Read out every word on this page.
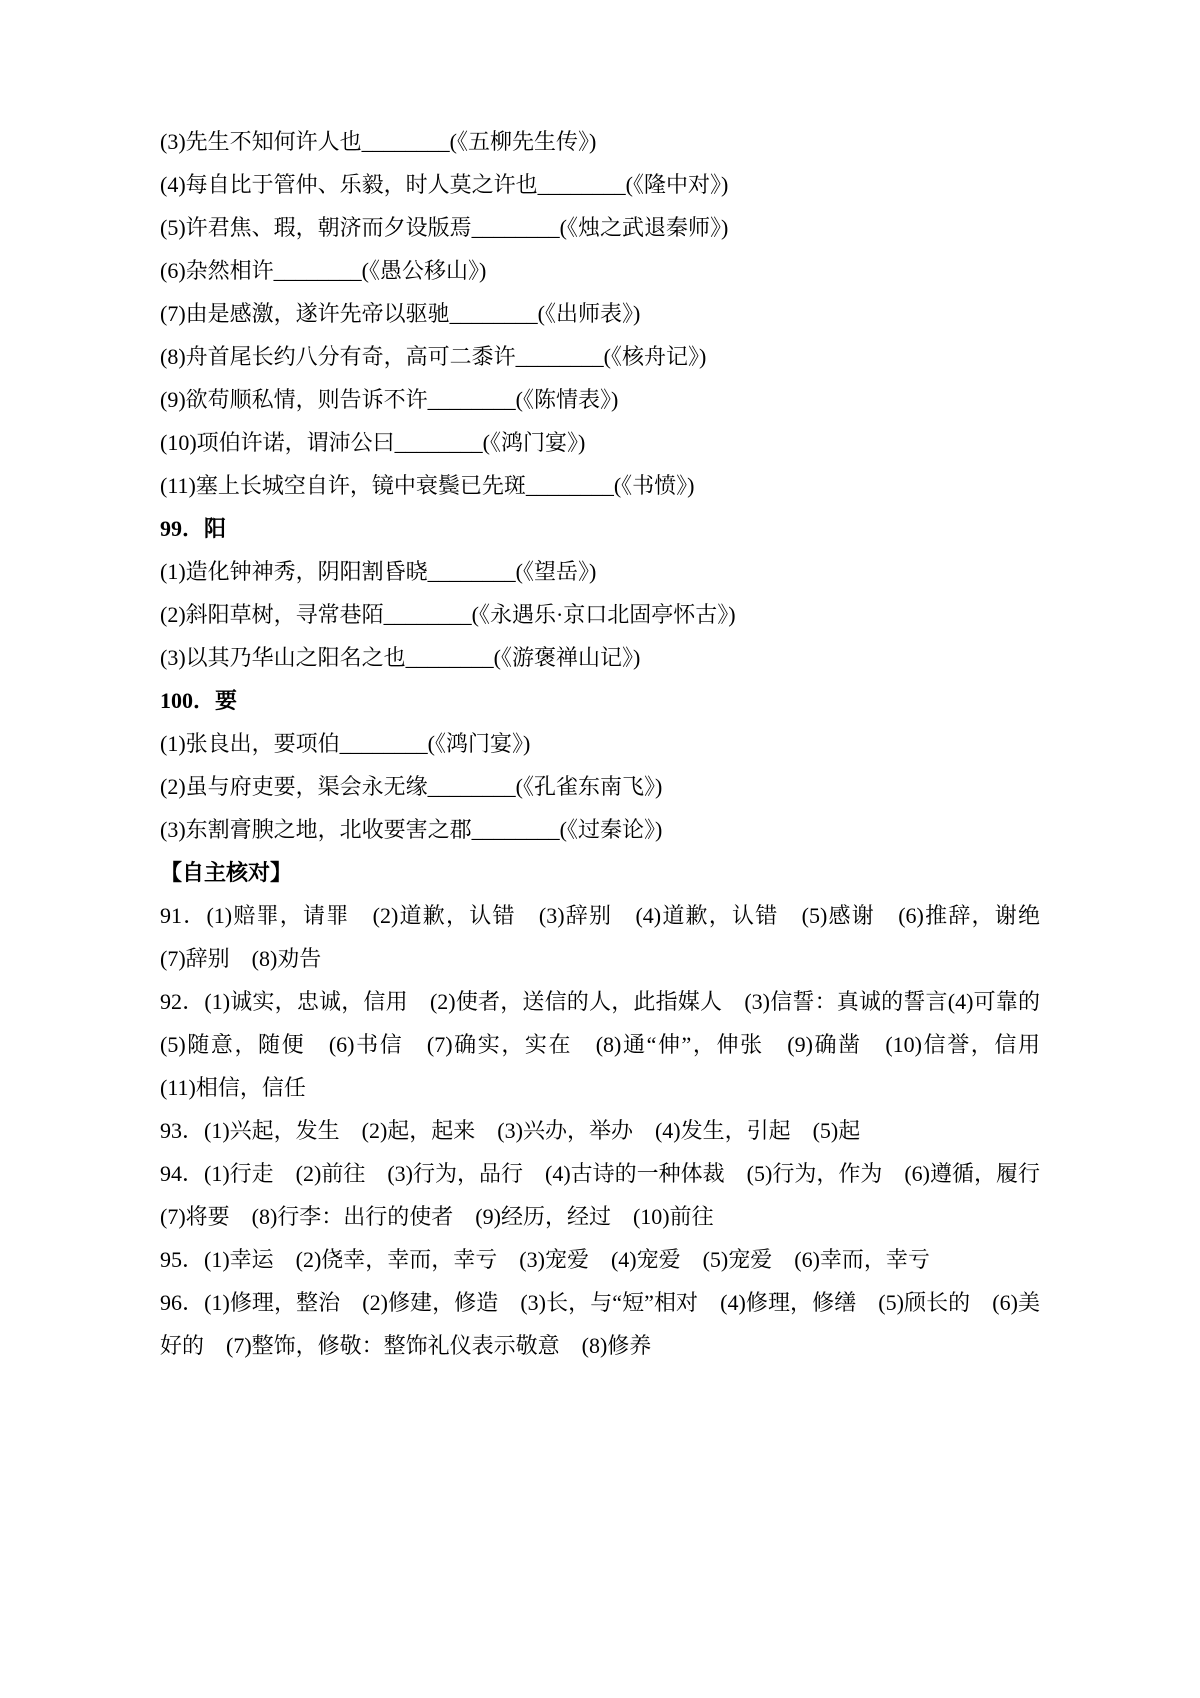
(3)先生不知何许人也________(《五柳先生传》)

(4)每自比于管仲、乐毅，时人莫之许也________(《隆中对》)

(5)许君焦、瑕，朝济而夕设版焉________(《烛之武退秦师》)

(6)杂然相许________(《愚公移山》)

(7)由是感激，遂许先帝以驱驰________(《出师表》)

(8)舟首尾长约八分有奇，高可二黍许________(《核舟记》)

(9)欲苟顺私情，则告诉不许________(《陈情表》)

(10)项伯许诺，谓沛公曰________(《鸿门宴》)

(11)塞上长城空自许，镜中衰鬓已先斑________(《书愤》)

99．阳

(1)造化钟神秀，阴阳割昏晓________(《望岳》)

(2)斜阳草树，寻常巷陌________(《永遇乐·京口北固亭怀古》)

(3)以其乃华山之阳名之也________(《游褒禅山记》)

100．要

(1)张良出，要项伯________(《鸿门宴》)

(2)虽与府吏要，渠会永无缘________(《孔雀东南飞》)

(3)东割膏腴之地，北收要害之郡________(《过秦论》)

【自主核对】

91．(1)赔罪，请罪　(2)道歉，认错　(3)辞别　(4)道歉，认错　(5)感谢　(6)推辞，谢绝　(7)辞别　(8)劝告

92．(1)诚实，忠诚，信用　(2)使者，送信的人，此指媒人　(3)信誓：真诚的誓言(4)可靠的　(5)随意，随便　(6)书信　(7)确实，实在　(8)通“伸”，伸张　(9)确凿　(10)信誉，信用　(11)相信，信任

93．(1)兴起，发生　(2)起，起来　(3)兴办，举办　(4)发生，引起　(5)起

94．(1)行走　(2)前往　(3)行为，品行　(4)古诗的一种体裁　(5)行为，作为　(6)遵循，履行　(7)将要　(8)行李：出行的使者　(9)经历，经过　(10)前往

95．(1)幸运　(2)侥幸，幸而，幸亏　(3)宠爱　(4)宠爱　(5)宠爱　(6)幸而，幸亏

96．(1)修理，整治　(2)修建，修造　(3)长，与“短”相对　(4)修理，修缮　(5)颀长的　(6)美好的　(7)整饰，修敬：整饰礼仪表示敬意　(8)修养
